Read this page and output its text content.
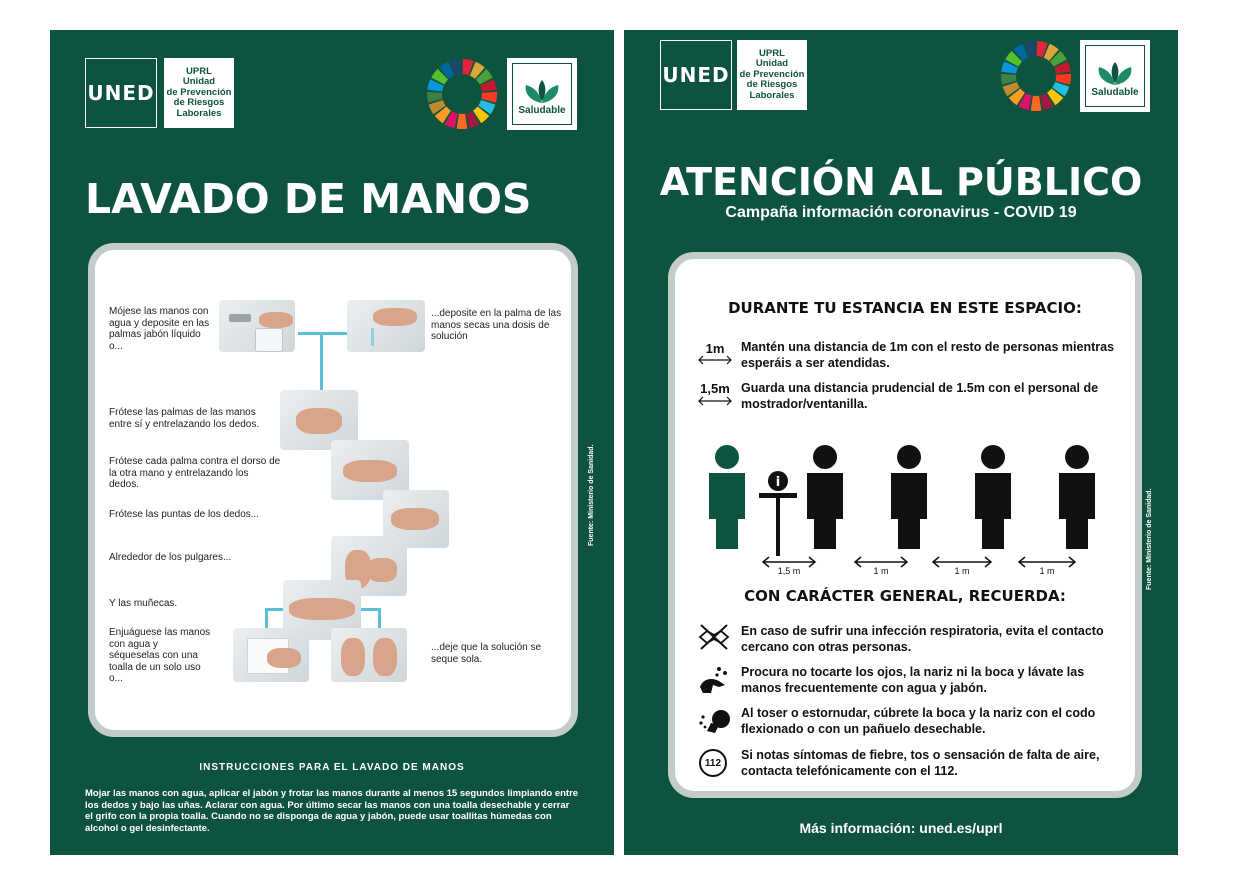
UNED
UPRL
Unidad
de Prevención
de Riesgos
Laborales	Saludable
LAVADO DE MANOS
Mójese las manos con agua y deposite en las palmas jabón líquido o...
...deposite en la palma de las manos secas una dosis de solución
Frótese las palmas de las manos entre sí y entrelazando los dedos.
Frótese cada palma contra el dorso de la otra mano y entrelazando los dedos.
Frótese las puntas de los dedos...
Alrededor de los pulgares...
Y las muñecas.
Enjuáguese las manos con agua y séqueselas con una toalla de un solo uso o...
...deje que la solución se seque sola.
Fuente: Ministerio de Sanidad.
INSTRUCCIONES PARA EL LAVADO DE MANOS
Mojar las manos con agua, aplicar el jabón y frotar las manos durante al menos 15 segundos limpiando entre los dedos y bajo las uñas. Aclarar con agua. Por último secar las manos con una toalla desechable y cerrar el grifo con la propia toalla. Cuando no se disponga de agua y jabón, puede usar toallitas húmedas con alcohol o gel desinfectante.
UNED
UPRL
Unidad
de Prevención
de Riesgos
Laborales	Saludable
ATENCIÓN AL PÚBLICO
Campaña información coronavirus - COVID 19
DURANTE TU ESTANCIA EN ESTE ESPACIO:
1m	Mantén una distancia de 1m con el resto de personas mientras esperáis a ser atendidas.
1,5m Guarda una distancia prudencial de 1.5m con el personal de mostrador/ventanilla.
i
1,5 m	1 m	1 m	1 m
CON CARÁCTER GENERAL, RECUERDA:
En caso de sufrir una infección respiratoria, evita el contacto cercano con otras personas.
Procura no tocarte los ojos, la nariz ni la boca y lávate las manos frecuentemente con agua y jabón.
Al toser o estornudar, cúbrete la boca y la nariz con el codo flexionado o con un pañuelo desechable.
112
Si notas síntomas de fiebre, tos o sensación de falta de aire, contacta telefónicamente con el 112.
Fuente: Ministerio de Sanidad.
Más información: uned.es/uprl
